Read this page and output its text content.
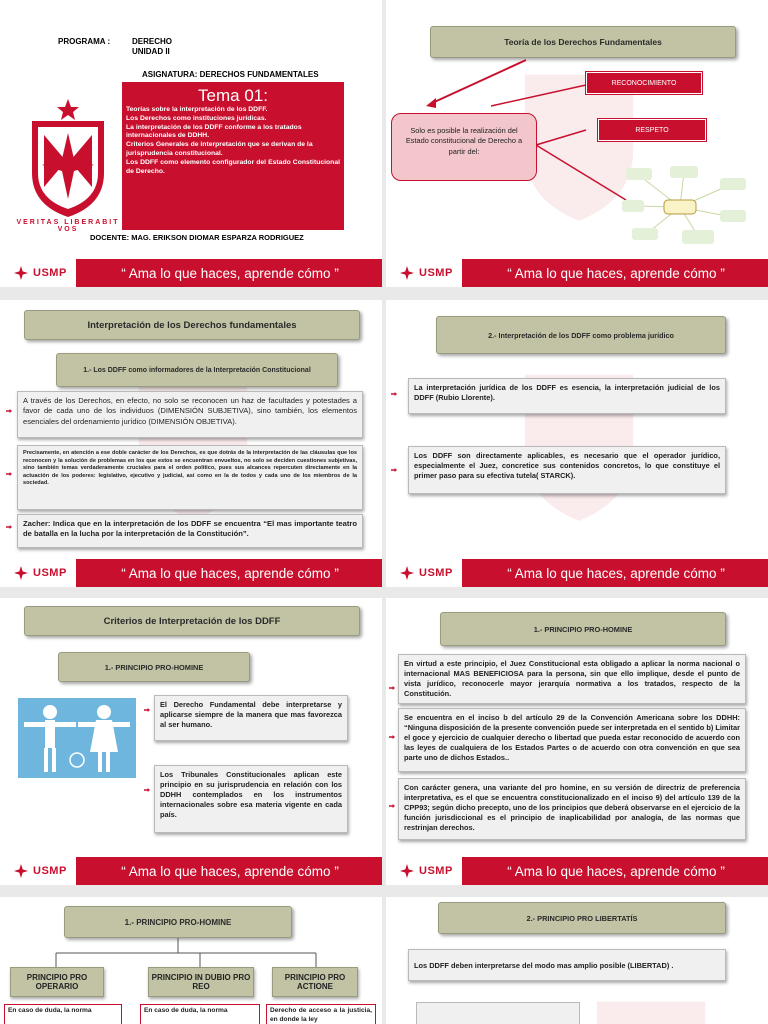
PROGRAMA :	DERECHO
UNIDAD II
ASIGNATURA: DERECHOS FUNDAMENTALES
VERITAS LIBERABIT VOS
Tema 01:
Teorías sobre la interpretación de los DDFF.
Los Derechos como instituciones jurídicas.
La interpretación de los DDFF conforme a los tratados internacionales de DDHH.
Criterios Generales de interpretación que se derivan de la jurisprudencia constitucional.
Los DDFF como elemento configurador del Estado Constitucional de Derecho.
DOCENTE: MAG. ERIKSON DIOMAR ESPARZA RODRIGUEZ
USMP	“ Ama lo que haces, aprende cómo ”
Teoría de los Derechos Fundamentales
RECONOCIMIENTO
RESPETO
Solo es posible la realización del Estado constitucional de Derecho a partir del:
USMP	“ Ama lo que haces, aprende cómo ”
Interpretación de los Derechos fundamentales
1.- Los DDFF como informadores de la Interpretación Constitucional
A través de los Derechos, en efecto, no solo se reconocen un haz de facultades y potestades a favor de cada uno de los individuos (DIMENSIÓN SUBJETIVA), sino también, los elementos esenciales del ordenamiento jurídico (DIMENSIÓN OBJETIVA).
Precisamente, en atención a ese doble carácter de los Derechos, es que dotrás de la interpretación de las cláusulas que los reconocen y la solución de problemas en los que estos se encuentran envueltos, no solo se deciden cuestiones subjetivas, sino también temas verdaderamente cruciales para el orden político, pues sus alcances repercuten directamente en la actuación de los poderes: legislativo, ejecutivo y judicial, así como en la de todos y cada uno de los miembros de la sociedad.
Zacher: Indica que en la interpretación de los DDFF se encuentra “El mas importante teatro de batalla en la lucha por la interpretación de la Constitución”.
USMP	“ Ama lo que haces, aprende cómo ”
2.- Interpretación de los DDFF como problema jurídico
La interpretación jurídica de los DDFF es esencia, la interpretación judicial de los DDFF (Rubio Llorente).
Los DDFF son directamente aplicables, es necesario que el operador jurídico, especialmente el Juez, concretice sus contenidos concretos, lo que constituye el primer paso para su efectiva tutela( STARCK).
USMP	“ Ama lo que haces, aprende cómo ”
Criterios de Interpretación de los DDFF
1.- PRINCIPIO PRO-HOMINE
El Derecho Fundamental debe interpretarse y aplicarse siempre de la manera que mas favorezca al ser humano.
Los Tribunales Constitucionales aplican este principio en su jurisprudencia en relación con los DDHH contemplados en los instrumentos internacionales sobre esa materia vigente en cada país.
USMP	“ Ama lo que haces, aprende cómo ”
1.- PRINCIPIO PRO-HOMINE
En virtud a este principio, el Juez Constitucional esta obligado a aplicar la norma nacional o internacional MAS BENEFICIOSA para la persona, sin que ello implique, desde el punto de vista jurídico, reconocerle mayor jerarquía normativa a los tratados, respecto de la Constitución.
Se encuentra en el inciso b del artículo 29 de la Convención Americana sobre los DDHH: “Ninguna disposición de la presente convención puede ser interpretada en el sentido b) Limitar el goce y ejercicio de cualquier derecho o libertad que pueda estar reconocido de acuerdo con las leyes de cualquiera de los Estados Partes o de acuerdo con otra convención en que sea parte uno de dichos Estados..
Con carácter genera, una variante del pro homine, en su versión de directriz de preferencia interpretativa, es el que se encuentra constitucionalizado en el inciso 9) del artículo 139 de la CPP93; según dicho precepto, uno de los principios que deberá observarse en el ejercicio de la función jurisdiccional es el principio de inaplicabilidad por analogía, de las normas que restrinjan derechos.
USMP	“ Ama lo que haces, aprende cómo ”
1.- PRINCIPIO PRO-HOMINE
PRINCIPIO PRO OPERARIO
PRINCIPIO IN DUBIO PRO REO
PRINCIPIO PRO ACTIONE
En caso de duda, la norma	En caso de duda, la norma	Derecho de acceso a la justicia, en donde la ley
2.- PRINCIPIO PRO LIBERTATÍS
Los DDFF deben interpretarse del modo mas amplio posible (LIBERTAD) .
